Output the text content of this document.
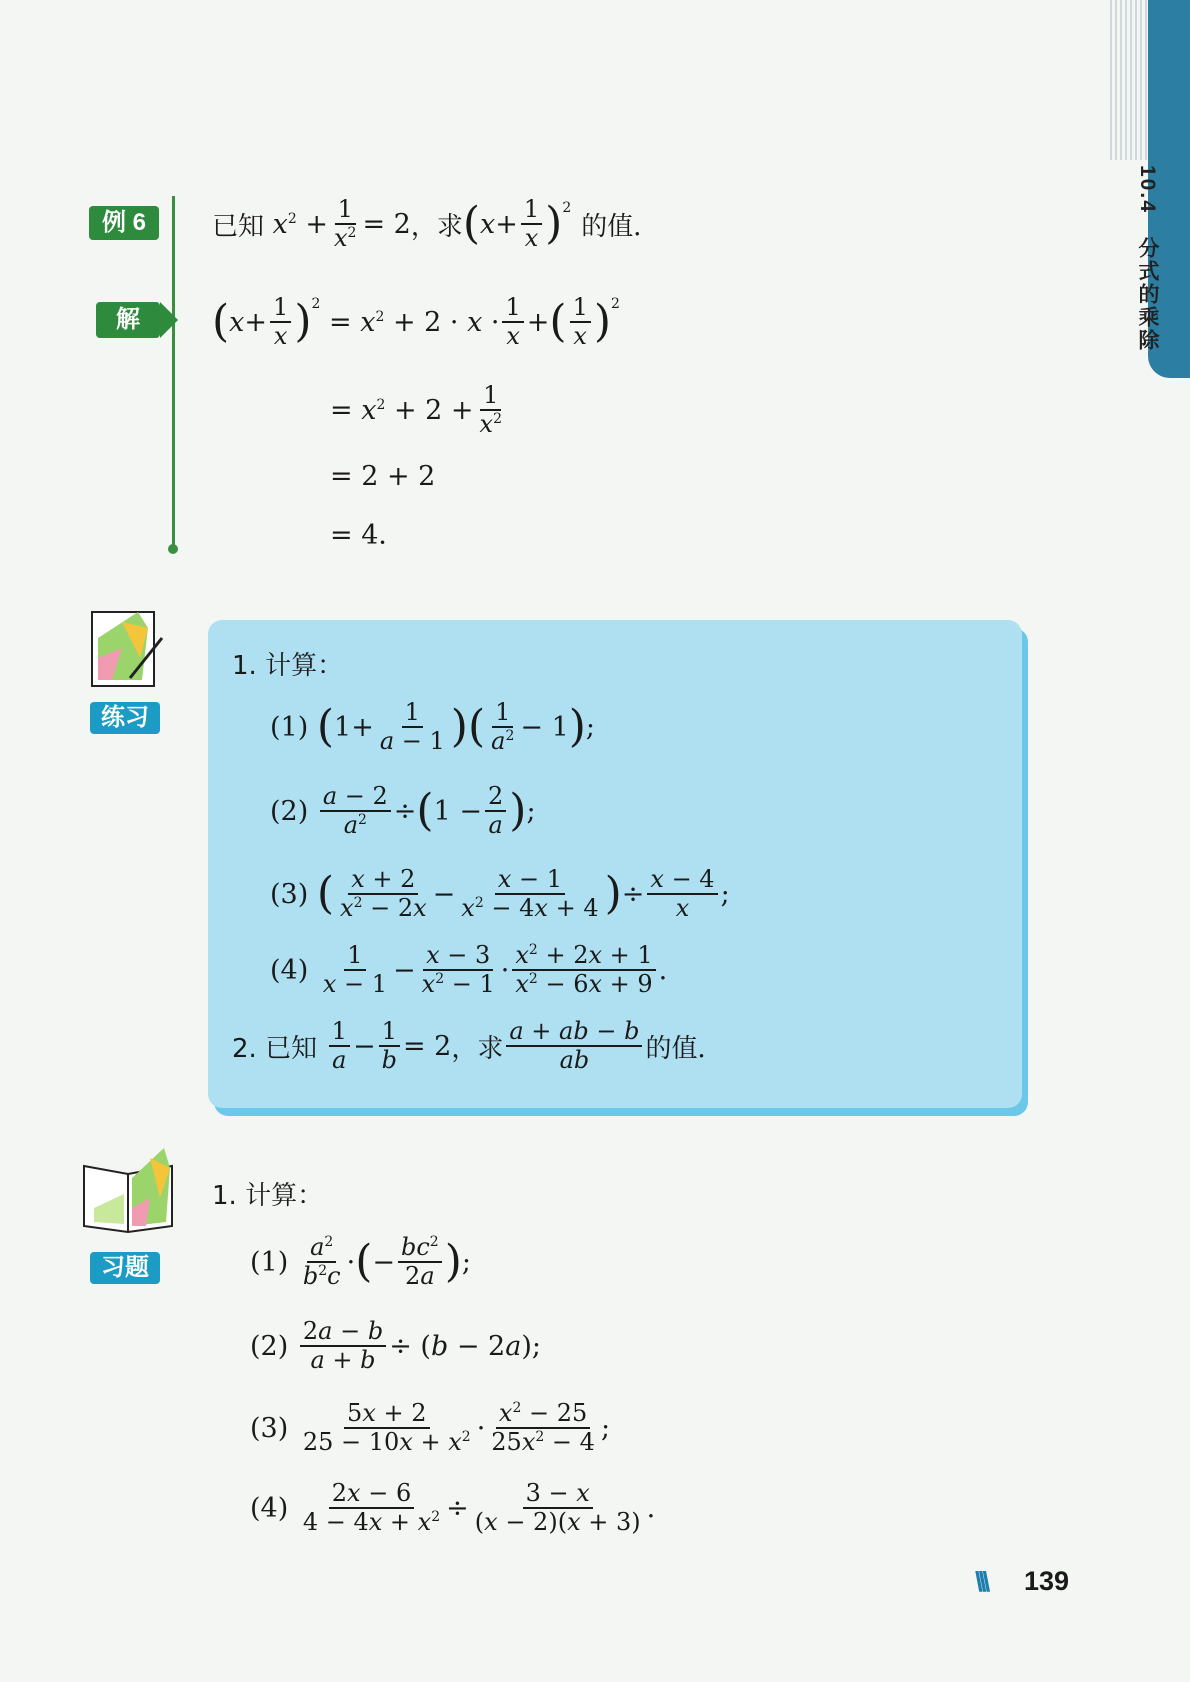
10.4　分式的乘除
例 6	已知 $x^2 + \frac{1}{x^2} = 2$ ，求 ( $x + \frac{1}{x} )^2$
的值．
解	( $x + \frac{1}{x} )^2$
= $x^2 + 2 \cdot x \cdot \frac{1}{x}$ + ( $\frac{1}{x} )^2$
= $x^2 + 2 + \frac{1}{x^2}$
= 2 + 2
= 4．
练习
1. 计算：
(1)
( $1+ \frac{1}{a - 1}$ ) ( $\frac{1}{a^2} - 1$ ) ;
(2)
$\frac{a - 2}{a^2}$ ÷ ( $1 - \frac{2}{a}$ ) ;
(3)
( $\frac{x + 2}{x^2 - 2x} - \frac{x - 1}{x^2 - 4x + 4}$ ) ÷ $\frac{x - 4}{x}$ ;
(4)
$\frac{1}{x - 1} - \frac{x - 3}{x^2 - 1} \cdot \frac{x^2 + 2x + 1}{x^2 - 6x + 9}$ .
2. 已知
$\frac{1}{a} - \frac{1}{b} = 2$ ，求 $\frac{a + ab - b}{ab}$ 的值．
习题
1. 计算：
(1)
$\frac{a^2}{b^2c}$ · ( − $\frac{bc^2}{2a}$ ) ;
(2)
$\frac{2a - b}{a + b} \div (b - 2a)$;
(3)
$\frac{5x + 2}{25 - 10x + x^2} \cdot \frac{x^2 - 25}{25x^2 - 4}$ ;
(4)
$\frac{2x - 6}{4 - 4x + x^2} \div \frac{3 - x}{(x - 2)(x + 3)}$ .
\\\ 139
